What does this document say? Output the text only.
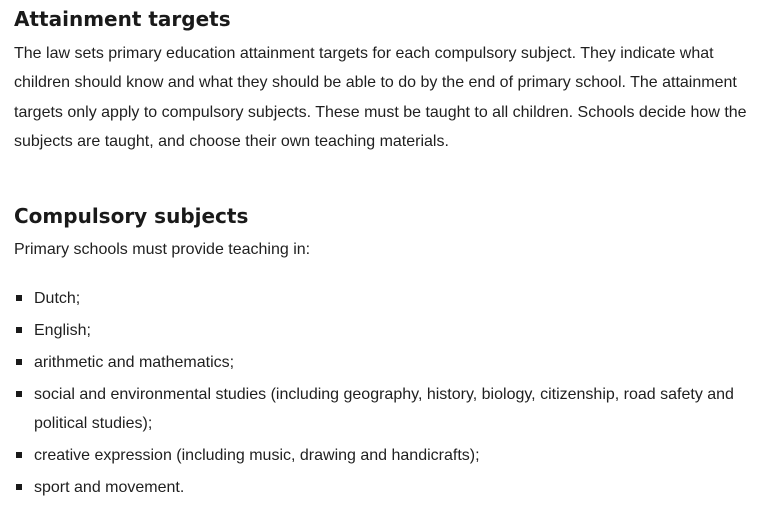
Attainment targets

The law sets primary education attainment targets for each compulsory subject. They indicate what children should know and what they should be able to do by the end of primary school. The attainment targets only apply to compulsory subjects. These must be taught to all children. Schools decide how the subjects are taught, and choose their own teaching materials.

Compulsory subjects

Primary schools must provide teaching in:

Dutch;
English;
arithmetic and mathematics;
social and environmental studies (including geography, history, biology, citizenship, road safety and political studies);
creative expression (including music, drawing and handicrafts);
sport and movement.
